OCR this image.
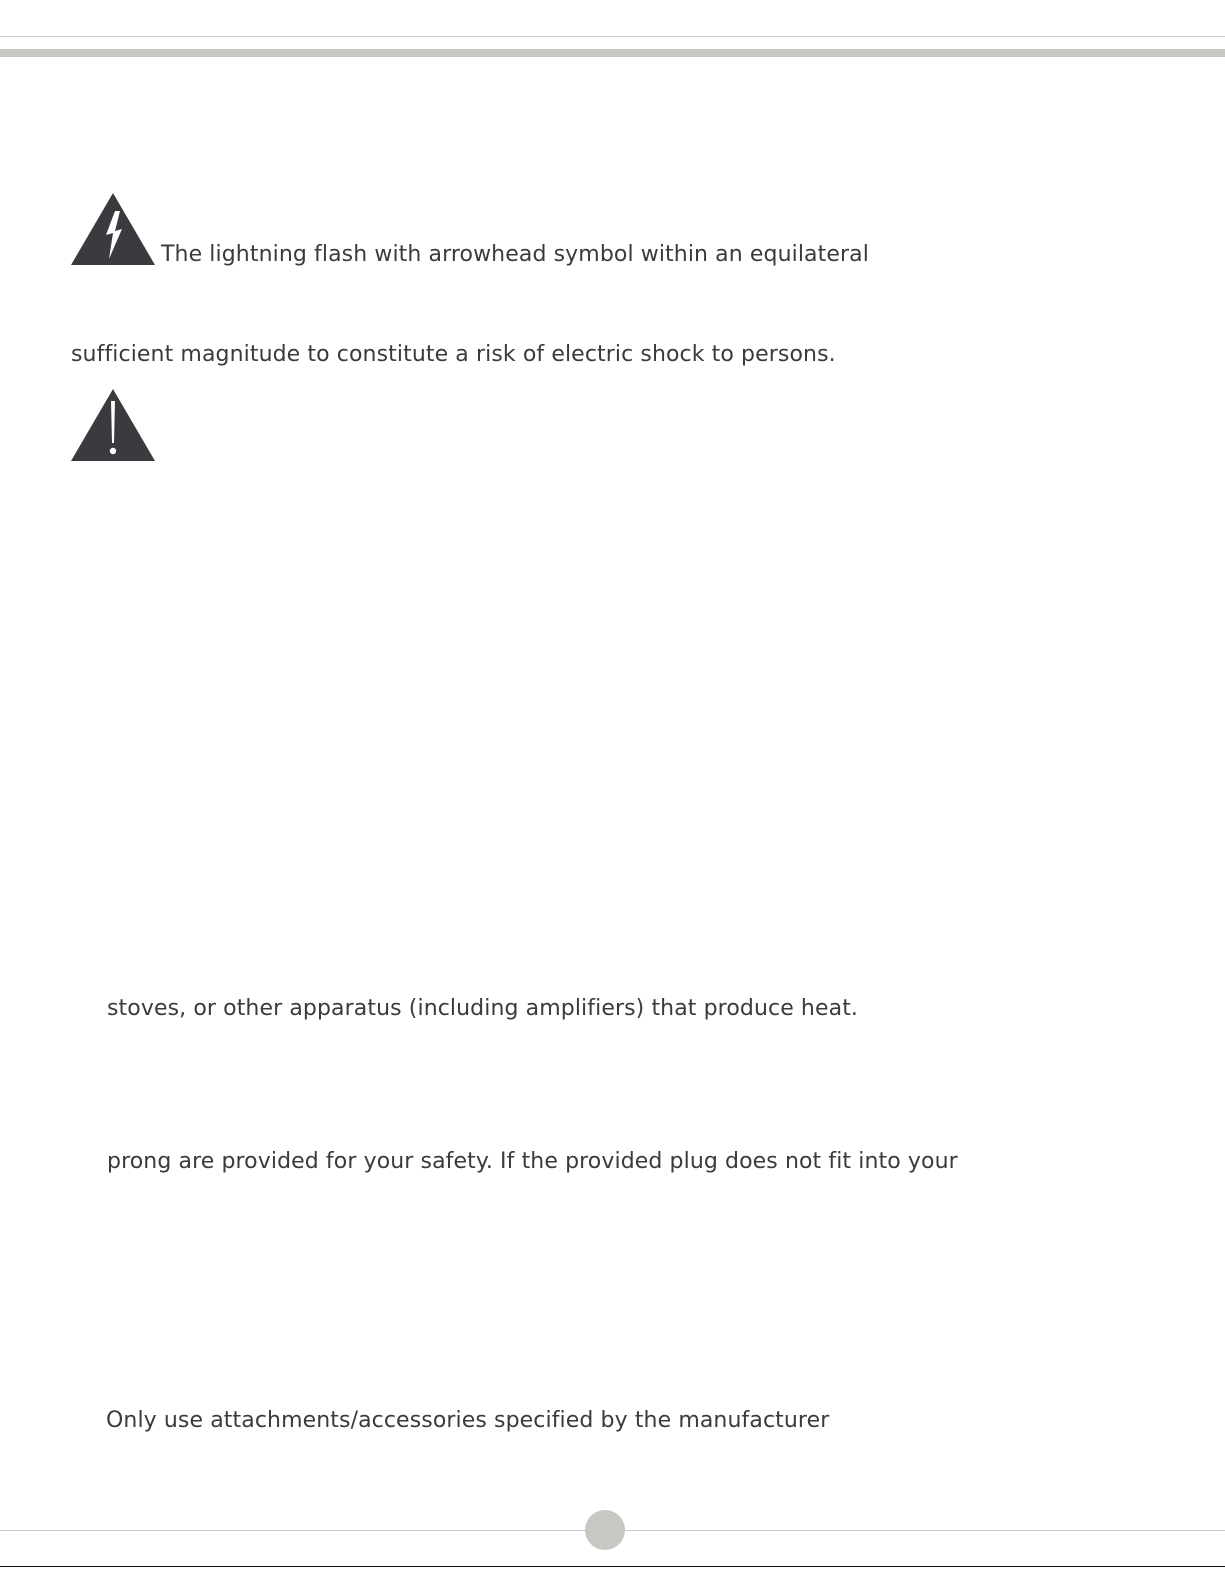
The lightning flash with arrowhead symbol within an equilateral
sufficient magnitude to constitute a risk of electric shock to persons.
stoves, or other apparatus (including amplifiers) that produce heat.
prong are provided for your safety. If the provided plug does not fit into your
Only use attachments/accessories specified by the manufacturer
